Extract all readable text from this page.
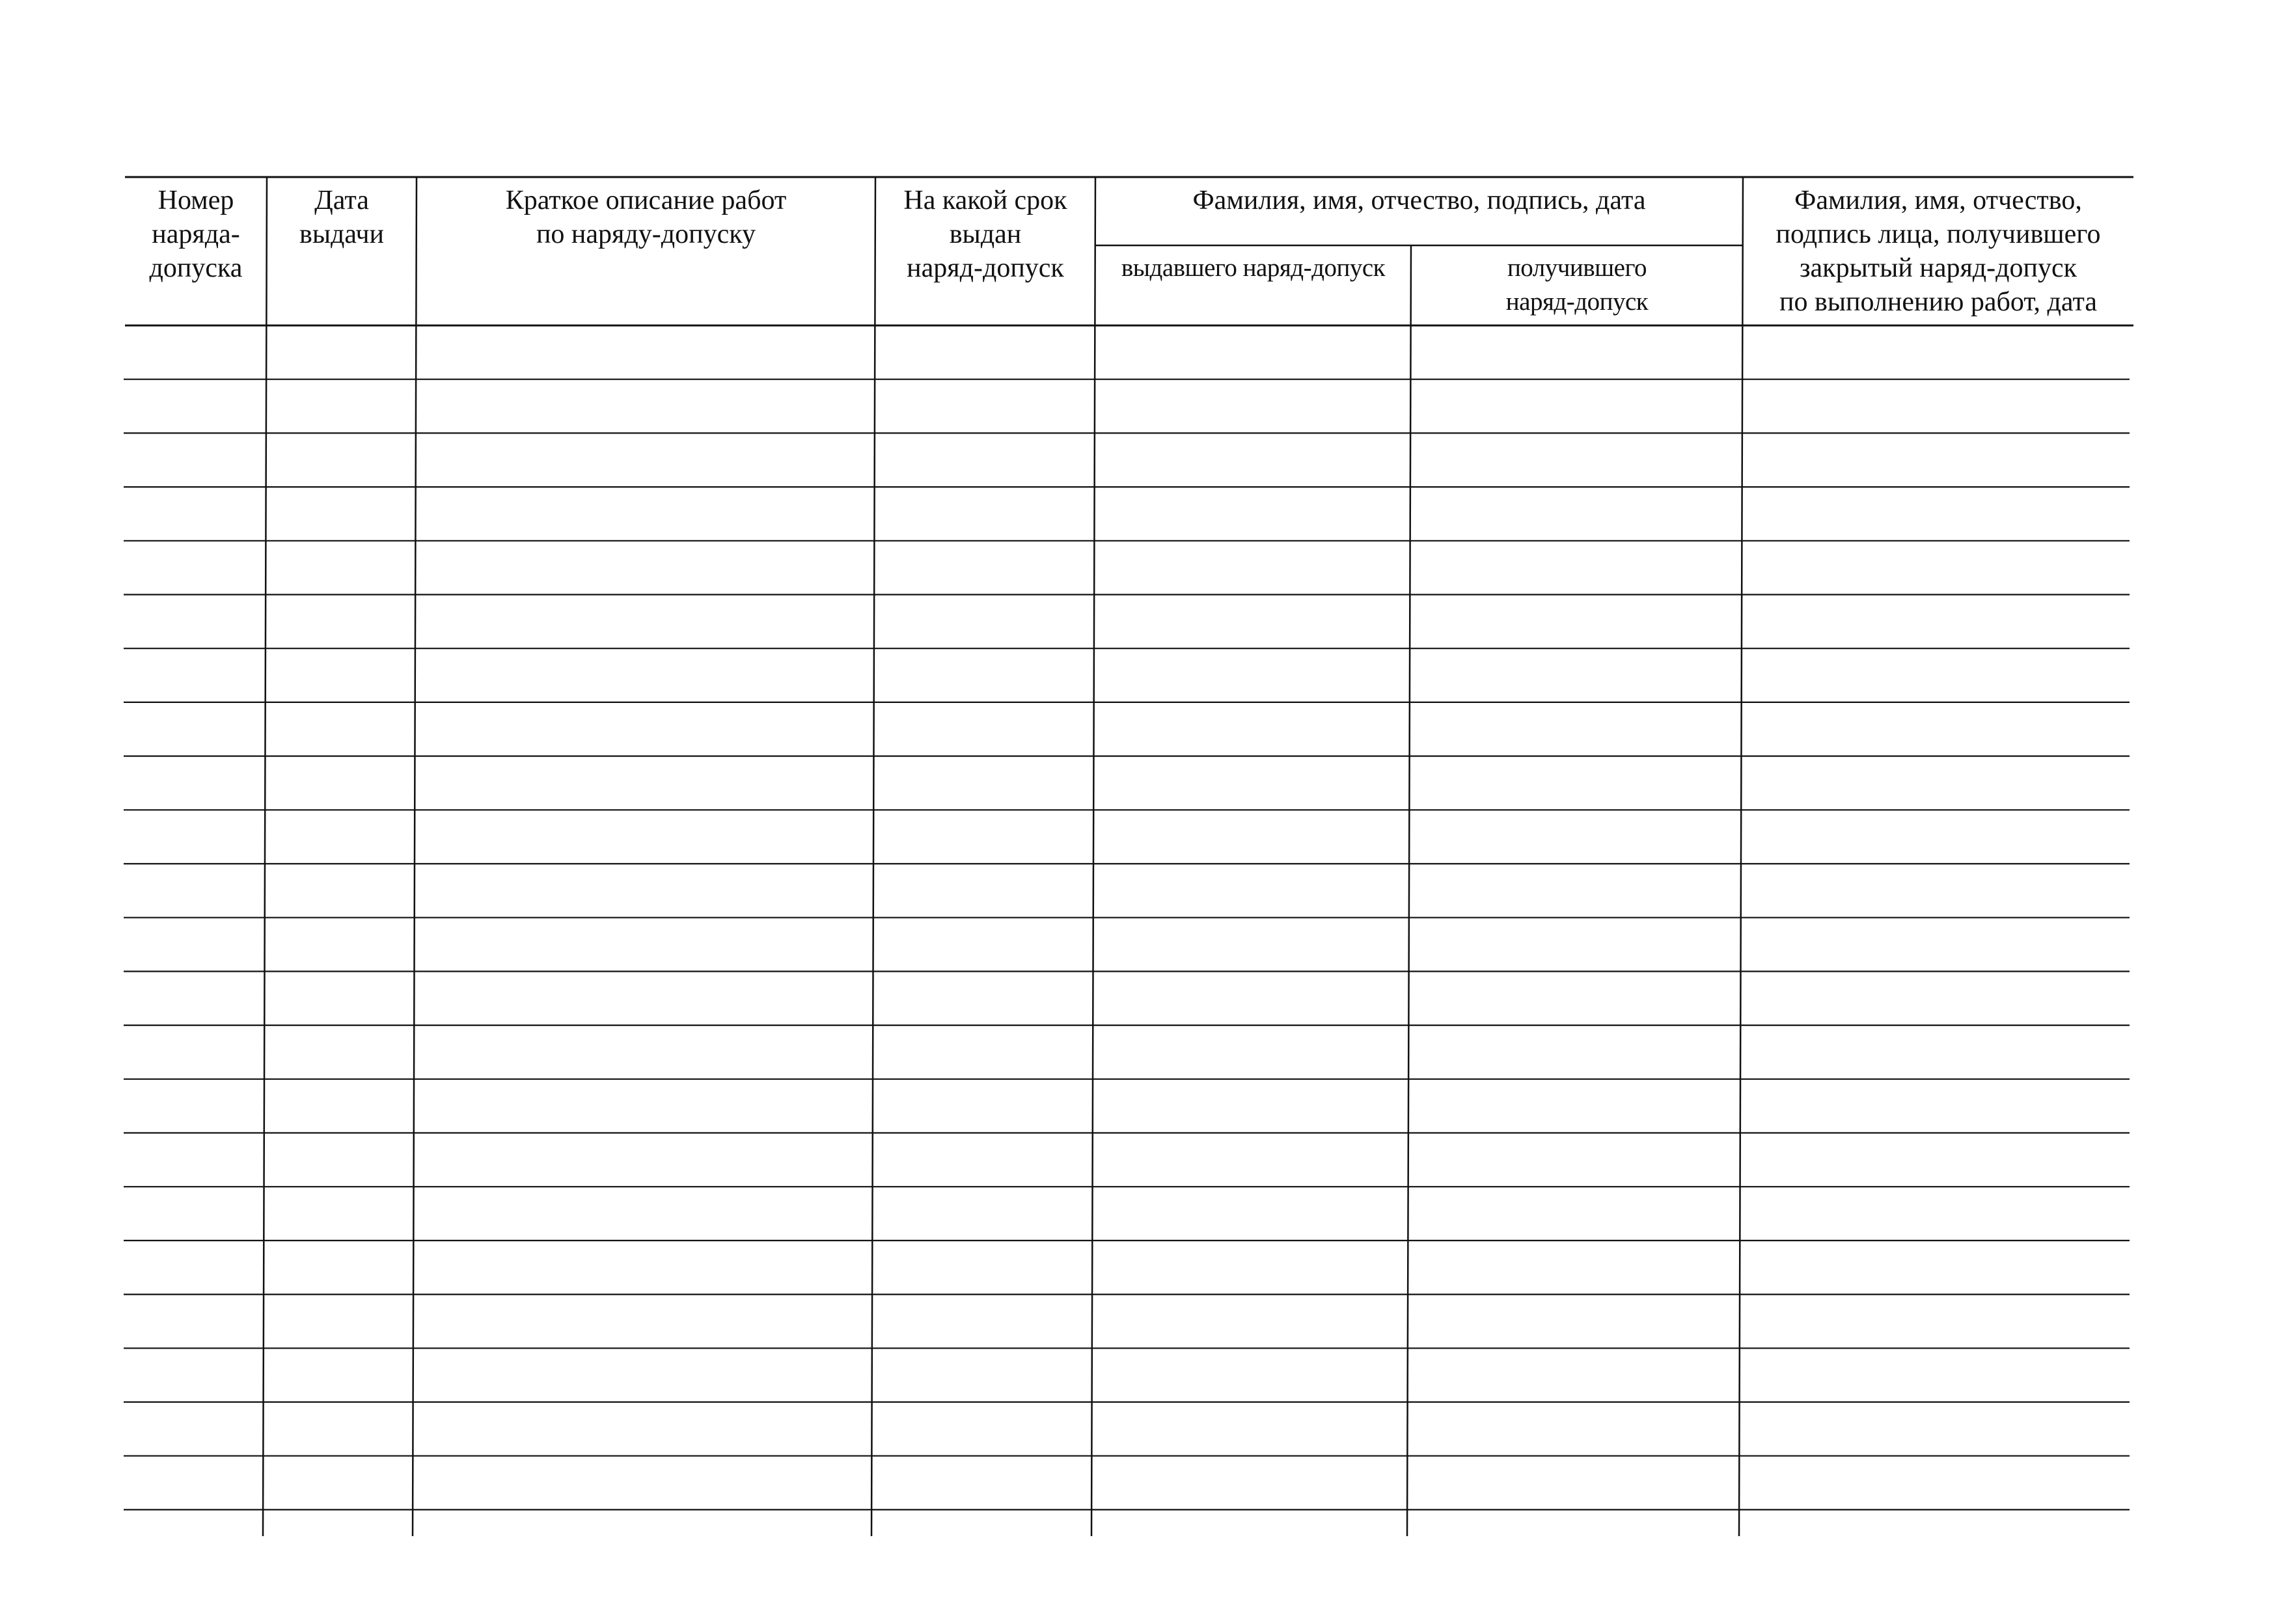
Номер
наряда-
допуска
Дата
выдачи
Краткое описание работ
по наряду-допуску
На какой срок
выдан
наряд-допуск
Фамилия, имя, отчество, подпись, дата
выдавшего наряд-допуск	получившего
наряд-допуск
Фамилия, имя, отчество,
подпись лица, получившего
закрытый наряд-допуск
по выполнению работ, дата
